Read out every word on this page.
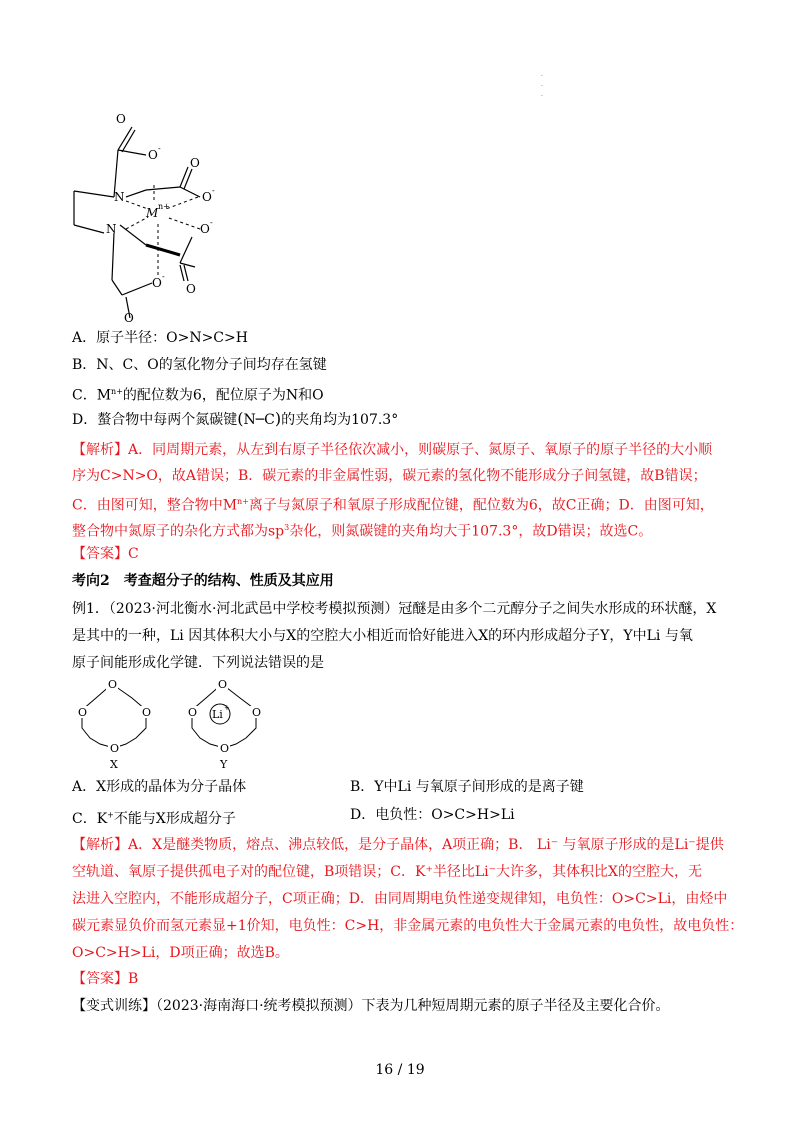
·
·
·
O
O -
O
O -
N
M n+
N	O -
O
O -
O
A．原子半径：O>N>C>H
B．N、C、O的氢化物分子间均存在氢键
C．$M^{n+}$的配位数为6，配位原子为N和O
D．螯合物中每两个氮碳键(N─C)的夹角均为107.3°
【解析】A．同周期元素，从左到右原子半径依次减小，则碳原子、氮原子、氧原子的原子半径的大小顺
序为C>N>O，故A错误；B．碳元素的非金属性弱，碳元素的氢化物不能形成分子间氢键，故B错误；
C．由图可知，整合物中$M^{n+}$离子与氮原子和氧原子形成配位键，配位数为6，故C正确；D．由图可知，
整合物中氮原子的杂化方式都为$sp^3$杂化，则氮碳键的夹角均大于107.3°，故D错误；故选C。
【答案】C
考向2　考查超分子的结构、性质及其应用
例1．（2023·河北衡水·河北武邑中学校考模拟预测）冠醚是由多个二元醇分子之间失水形成的环状醚，X
是其中的一种，Li 因其体积大小与X的空腔大小相近而恰好能进入X的环内形成超分子Y，Y中Li 与氧
原子间能形成化学键．下列说法错误的是
O
O	O
O
O
O	O
O
Li +
X	Y
A．X形成的晶体为分子晶体	B．Y中Li 与氧原子间形成的是离子键
C．K+不能与X形成超分子	D．电负性：O>C>H>Li
【解析】A．X是醚类物质，熔点、沸点较低，是分子晶体，A项正确；B． Li⁻ 与氧原子形成的是Li⁻提供
空轨道、氧原子提供孤电子对的配位键，B项错误；C．K⁺半径比Li⁻大许多，其体积比X的空腔大，无
法进入空腔内，不能形成超分子，C项正确；D．由同周期电负性递变规律知，电负性：O>C>Li，由烃中
碳元素显负价而氢元素显+1价知，电负性：C>H，非金属元素的电负性大于金属元素的电负性，故电负性：
O>C>H>Li，D项正确；故选B。
【答案】B
【变式训练】（2023·海南海口·统考模拟预测）下表为几种短周期元素的原子半径及主要化合价。
16 / 19
